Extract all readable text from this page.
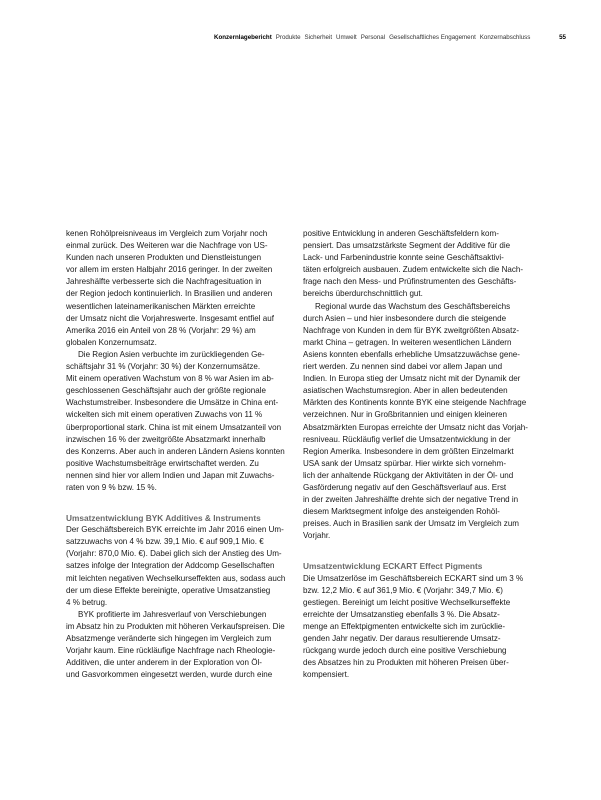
Konzernlagebericht Produkte Sicherheit Umwelt Personal Gesellschaftliches Engagement Konzernabschluss	55

kenen Rohölpreisniveaus im Vergleich zum Vorjahr noch
einmal zurück. Des Weiteren war die Nachfrage von US-
Kunden nach unseren Produkten und Dienstleistungen
vor allem im ersten Halbjahr 2016 geringer. In der zweiten
Jahreshälfte verbesserte sich die Nachfragesituation in
der Region jedoch kontinuierlich. In Brasilien und anderen
wesentlichen lateinamerikanischen Märkten erreichte
der Umsatz nicht die Vorjahreswerte. Insgesamt entfiel auf
Amerika 2016 ein Anteil von 28 % (Vorjahr: 29 %) am
globalen Konzernumsatz.

Die Region Asien verbuchte im zurückliegenden Ge-
schäftsjahr 31 % (Vorjahr: 30 %) der Konzernumsätze.
Mit einem operativen Wachstum von 8 % war Asien im ab-
geschlossenen Geschäftsjahr auch der größte regionale
Wachstumstreiber. Insbesondere die Umsätze in China ent-
wickelten sich mit einem operativen Zuwachs von 11 %
überproportional stark. China ist mit einem Umsatzanteil von
inzwischen 16 % der zweitgrößte Absatzmarkt innerhalb
des Konzerns. Aber auch in anderen Ländern Asiens konnten
positive Wachstumsbeiträge erwirtschaftet werden. Zu
nennen sind hier vor allem Indien und Japan mit Zuwachs-
raten von 9 % bzw. 15 %.

Umsatzentwicklung BYK Additives & Instruments

Der Geschäftsbereich BYK erreichte im Jahr 2016 einen Um-
satzzuwachs von 4 % bzw. 39,1 Mio. € auf 909,1 Mio. €
(Vorjahr: 870,0 Mio. €). Dabei glich sich der Anstieg des Um-
satzes infolge der Integration der Addcomp Gesellschaften
mit leichten negativen Wechselkurseffekten aus, sodass auch
der um diese Effekte bereinigte, operative Umsatzanstieg
4 % betrug.

BYK profitierte im Jahresverlauf von Verschiebungen
im Absatz hin zu Produkten mit höheren Verkaufspreisen. Die
Absatzmenge veränderte sich hingegen im Vergleich zum
Vorjahr kaum. Eine rückläufige Nachfrage nach Rheologie-
Additiven, die unter anderem in der Exploration von Öl-
und Gasvorkommen eingesetzt werden, wurde durch eine

positive Entwicklung in anderen Geschäftsfeldern kom-
pensiert. Das umsatzstärkste Segment der Additive für die
Lack- und Farbenindustrie konnte seine Geschäftsaktivi-
täten erfolgreich ausbauen. Zudem entwickelte sich die Nach-
frage nach den Mess- und Prüfinstrumenten des Geschäfts-
bereichs überdurchschnittlich gut.

Regional wurde das Wachstum des Geschäftsbereichs
durch Asien – und hier insbesondere durch die steigende
Nachfrage von Kunden in dem für BYK zweitgrößten Absatz-
markt China – getragen. In weiteren wesentlichen Ländern
Asiens konnten ebenfalls erhebliche Umsatzzuwächse gene-
riert werden. Zu nennen sind dabei vor allem Japan und
Indien. In Europa stieg der Umsatz nicht mit der Dynamik der
asiatischen Wachstumsregion. Aber in allen bedeutenden
Märkten des Kontinents konnte BYK eine steigende Nachfrage
verzeichnen. Nur in Großbritannien und einigen kleineren
Absatzmärkten Europas erreichte der Umsatz nicht das Vorjah-
resniveau. Rückläufig verlief die Umsatzentwicklung in der
Region Amerika. Insbesondere in dem größten Einzelmarkt
USA sank der Umsatz spürbar. Hier wirkte sich vornehm-
lich der anhaltende Rückgang der Aktivitäten in der Öl- und
Gasförderung negativ auf den Geschäftsverlauf aus. Erst
in der zweiten Jahreshälfte drehte sich der negative Trend in
diesem Marktsegment infolge des ansteigenden Rohöl-
preises. Auch in Brasilien sank der Umsatz im Vergleich zum
Vorjahr.

Umsatzentwicklung ECKART Effect Pigments

Die Umsatzerlöse im Geschäftsbereich ECKART sind um 3 %
bzw. 12,2 Mio. € auf 361,9 Mio. € (Vorjahr: 349,7 Mio. €)
gestiegen. Bereinigt um leicht positive Wechselkurseffekte
erreichte der Umsatzanstieg ebenfalls 3 %. Die Absatz-
menge an Effektpigmenten entwickelte sich im zurücklie-
genden Jahr negativ. Der daraus resultierende Umsatz-
rückgang wurde jedoch durch eine positive Verschiebung
des Absatzes hin zu Produkten mit höheren Preisen über-
kompensiert.
